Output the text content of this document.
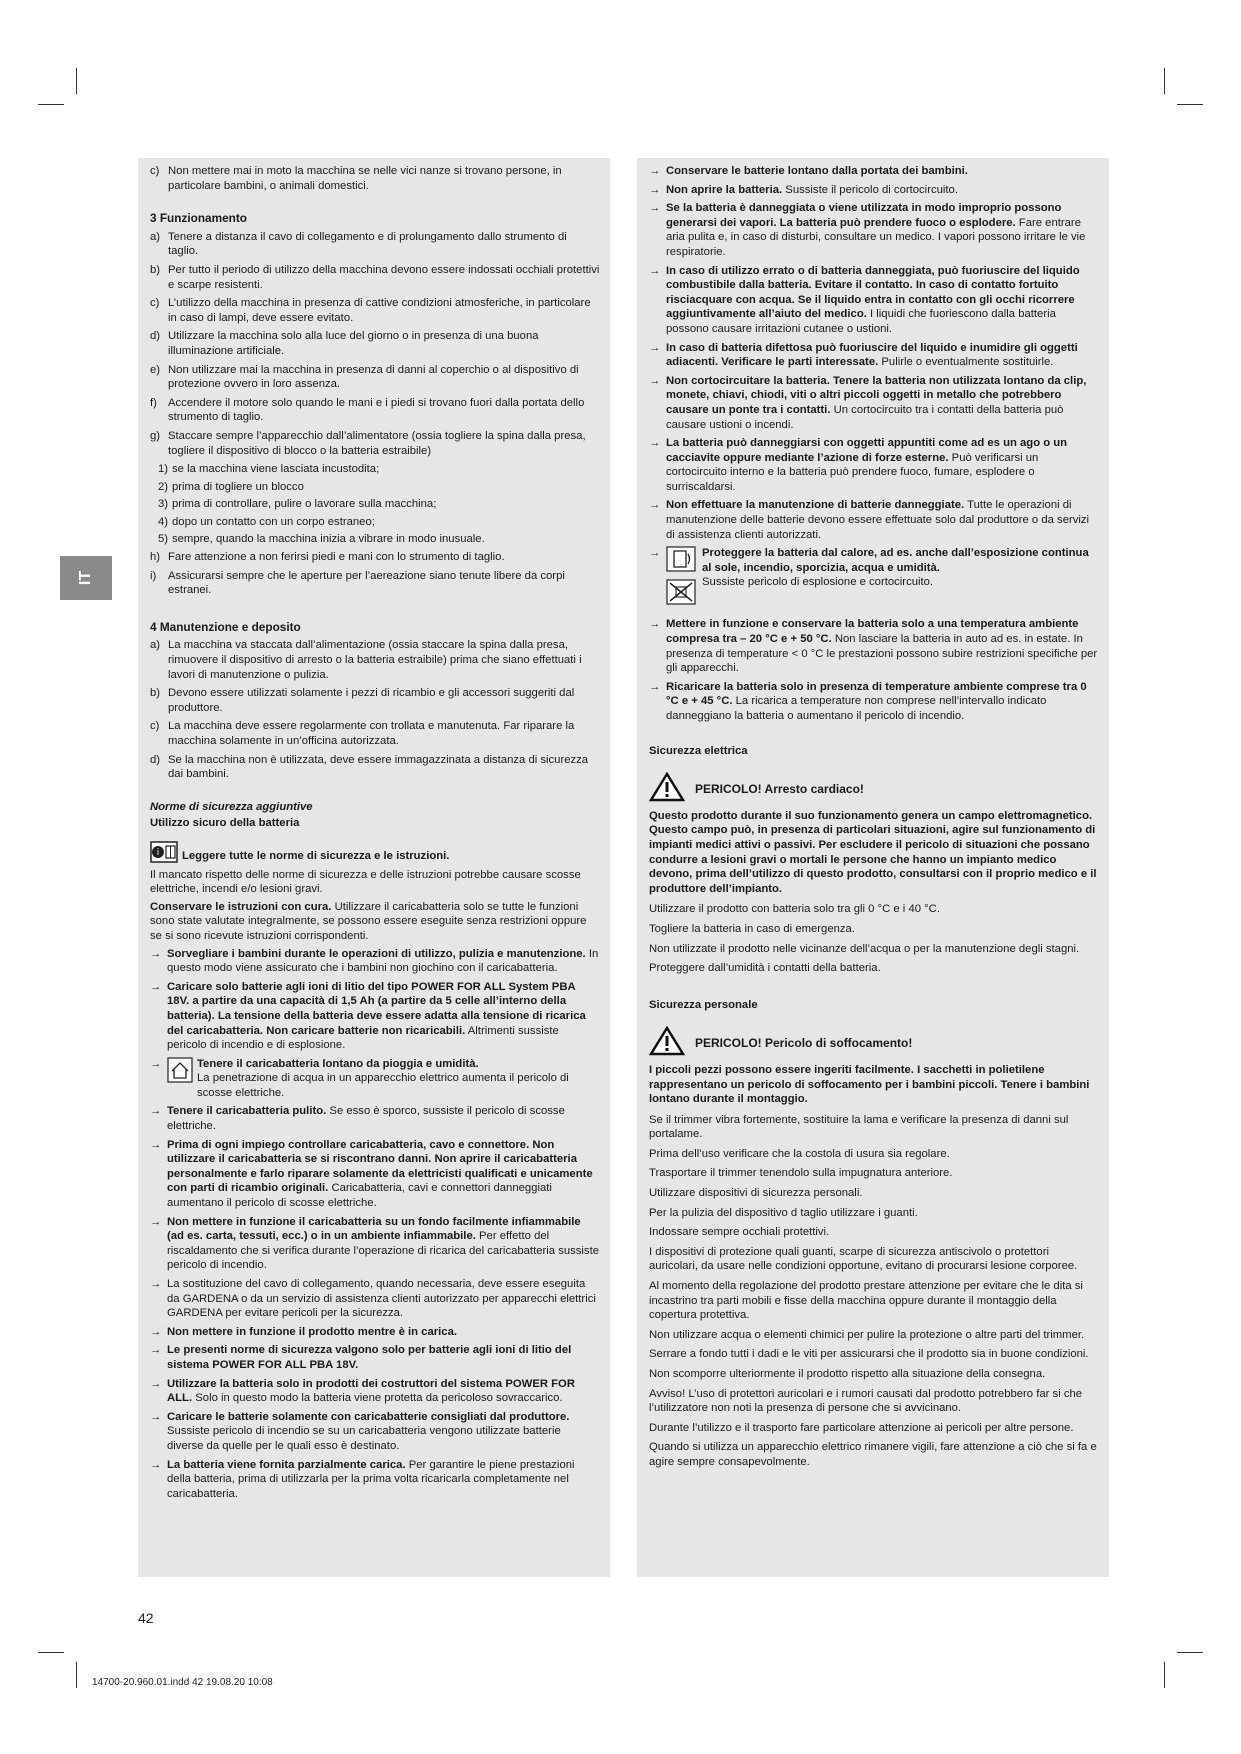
IT
c) Non mettere mai in moto la macchina se nelle vici nanze si trovano persone, in particolare bambini, o animali domestici.
3 Funzionamento
a) Tenere a distanza il cavo di collegamento e di prolungamento dallo strumento di taglio.
b) Per tutto il periodo di utilizzo della macchina devono essere indossati occhiali protettivi e scarpe resistenti.
c) L’utilizzo della macchina in presenza di cattive condizioni atmosferiche, in particolare in caso di lampi, deve essere evitato.
d) Utilizzare la macchina solo alla luce del giorno o in presenza di una buona illuminazione artificiale.
e) Non utilizzare mai la macchina in presenza di danni al coperchio o al dispositivo di protezione ovvero in loro assenza.
f) Accendere il motore solo quando le mani e i piedi si trovano fuori dalla portata dello strumento di taglio.
g) Staccare sempre l’apparecchio dall’alimentatore (ossia togliere la spina dalla presa, togliere il dispositivo di blocco o la batteria estraibile)
1) se la macchina viene lasciata incustodita;
2) prima di togliere un blocco
3) prima di controllare, pulire o lavorare sulla macchina;
4) dopo un contatto con un corpo estraneo;
5) sempre, quando la macchina inizia a vibrare in modo inusuale.
h) Fare attenzione a non ferirsi piedi e mani con lo strumento di taglio.
i)	Assicurarsi sempre che le aperture per l’aereazione siano tenute libere da corpi estranei.
4 Manutenzione e deposito
a) La macchina va staccata dall’alimentazione (ossia staccare la spina dalla presa, rimuovere il dispositivo di arresto o la batteria estraibile) prima che siano effettuati i lavori di manutenzione o pulizia.
b) Devono essere utilizzati solamente i pezzi di ricambio e gli accessori suggeriti dal produttore.
c) La macchina deve essere regolarmente con trollata e manutenuta. Far riparare la macchina solamente in un’officina autorizzata.
d) Se la macchina non è utilizzata, deve essere immagazzinata a distanza di sicurezza dai bambini.
Norme di sicurezza aggiuntive
Utilizzo sicuro della batteria
i Leggere tutte le norme di sicurezza e le istruzioni.
Il mancato rispetto delle norme di sicurezza e delle istruzioni potrebbe causare scosse elettriche, incendi e/o lesioni gravi.
Conservare le istruzioni con cura. Utilizzare il caricabatteria solo se tutte le funzioni sono state valutate integralmente, se possono essere eseguite senza restrizioni oppure se si sono ricevute istruzioni corrispondenti.
→ Sorvegliare i bambini durante le operazioni di utilizzo, pulizia e manutenzione. In questo modo viene assicurato che i bambini non giochino con il caricabatteria.
→ Caricare solo batterie agli ioni di litio del tipo POWER FOR ALL System PBA 18V. a partire da una capacità di 1,5 Ah (a partire da 5 celle all’interno della batteria). La tensione della batteria deve essere adatta alla tensione di ricarica del caricabatteria. Non caricare batterie non ricaricabili. Altrimenti sussiste pericolo di incendio e di esplosione.
→	Tenere il caricabatteria lontano da pioggia e umidità.
La penetrazione di acqua in un apparecchio elettrico aumenta il pericolo di scosse elettriche.
→ Tenere il caricabatteria pulito. Se esso è sporco, sussiste il pericolo di scosse elettriche.
→ Prima di ogni impiego controllare caricabatteria, cavo e connettore. Non utilizzare il caricabatteria se si riscontrano danni. Non aprire il caricabatteria personalmente e farlo riparare solamente da elettricisti qualificati e unicamente con parti di ricambio originali. Caricabatteria, cavi e connettori danneggiati aumentano il pericolo di scosse elettriche.
→ Non mettere in funzione il caricabatteria su un fondo facilmente infiammabile (ad es. carta, tessuti, ecc.) o in un ambiente infiammabile. Per effetto del riscaldamento che si verifica durante l’operazione di ricarica del caricabatteria sussiste pericolo di incendio.
→ La sostituzione del cavo di collegamento, quando necessaria, deve essere eseguita da GARDENA o da un servizio di assistenza clienti autorizzato per apparecchi elettrici GARDENA per evitare pericoli per la sicurezza.
→ Non mettere in funzione il prodotto mentre è in carica.
→ Le presenti norme di sicurezza valgono solo per batterie agli ioni di litio del sistema POWER FOR ALL PBA 18V.
→ Utilizzare la batteria solo in prodotti dei costruttori del sistema POWER FOR ALL. Solo in questo modo la batteria viene protetta da pericoloso sovraccarico.
→ Caricare le batterie solamente con caricabatterie consigliati dal produttore. Sussiste pericolo di incendio se su un caricabatteria vengono utilizzate batterie diverse da quelle per le quali esso è destinato.
→ La batteria viene fornita parzialmente carica. Per garantire le piene prestazioni della batteria, prima di utilizzarla per la prima volta ricaricarla completamente nel caricabatteria.
→ Conservare le batterie lontano dalla portata dei bambini.
→ Non aprire la batteria. Sussiste il pericolo di cortocircuito.
→ Se la batteria è danneggiata o viene utilizzata in modo improprio possono generarsi dei vapori. La batteria può prendere fuoco o esplodere. Fare entrare aria pulita e, in caso di disturbi, consultare un medico. I vapori possono irritare le vie respiratorie.
→ In caso di utilizzo errato o di batteria danneggiata, può fuoriuscire del liquido combustibile dalla batteria. Evitare il contatto. In caso di contatto fortuito risciacquare con acqua. Se il liquido entra in contatto con gli occhi ricorrere aggiuntivamente all’aiuto del medico. I liquidi che fuoriescono dalla batteria possono causare irritazioni cutanee o ustioni.
→ In caso di batteria difettosa può fuoriuscire del liquido e inumidire gli oggetti adiacenti. Verificare le parti interessate. Pulirle o eventualmente sostituirle.
→ Non cortocircuitare la batteria. Tenere la batteria non utilizzata lontano da clip, monete, chiavi, chiodi, viti o altri piccoli oggetti in metallo che potrebbero causare un ponte tra i contatti. Un cortocircuito tra i contatti della batteria può causare ustioni o incendi.
→ La batteria può danneggiarsi con oggetti appuntiti come ad es un ago o un cacciavite oppure mediante l’azione di forze esterne. Può verificarsi un cortocircuito interno e la batteria può prendere fuoco, fumare, esplodere o surriscaldarsi.
→ Non effettuare la manutenzione di batterie danneggiate. Tutte le operazioni di manutenzione delle batterie devono essere effettuate solo dal produttore o da servizi di assistenza clienti autorizzati.
→	Proteggere la batteria dal calore, ad es. anche dall’esposizione continua al sole, incendio, sporcizia, acqua e umidità.
Sussiste pericolo di esplosione e cortocircuito.
→ Mettere in funzione e conservare la batteria solo a una temperatura ambiente compresa tra – 20 °C e + 50 °C. Non lasciare la batteria in auto ad es. in estate. In presenza di temperature < 0 °C le prestazioni possono subire restrizioni specifiche per gli apparecchi.
→ Ricaricare la batteria solo in presenza di temperature ambiente comprese tra 0 °C e + 45 °C. La ricarica a temperature non comprese nell’intervallo indicato danneggiano la batteria o aumentano il pericolo di incendio.
Sicurezza elettrica
PERICOLO! Arresto cardiaco!
Questo prodotto durante il suo funzionamento genera un campo elettromagnetico. Questo campo può, in presenza di particolari situazioni, agire sul funzionamento di impianti medici attivi o passivi. Per escludere il pericolo di situazioni che possano condurre a lesioni gravi o mortali le persone che hanno un impianto medico devono, prima dell’utilizzo di questo prodotto, consultarsi con il proprio medico e il produttore dell’impianto.
Utilizzare il prodotto con batteria solo tra gli 0 °C e i 40 °C.
Togliere la batteria in caso di emergenza.
Non utilizzate il prodotto nelle vicinanze dell’acqua o per la manutenzione degli stagni.
Proteggere dall’umidità i contatti della batteria.
Sicurezza personale
PERICOLO! Pericolo di soffocamento!
I piccoli pezzi possono essere ingeriti facilmente. I sacchetti in polietilene rappresentano un pericolo di soffocamento per i bambini piccoli. Tenere i bambini lontano durante il montaggio.
Se il trimmer vibra fortemente, sostituire la lama e verificare la presenza di danni sul portalame.
Prima dell’uso verificare che la costola di usura sia regolare.
Trasportare il trimmer tenendolo sulla impugnatura anteriore.
Utilizzare dispositivi di sicurezza personali.
Per la pulizia del dispositivo d taglio utilizzare i guanti.
Indossare sempre occhiali protettivi.
I dispositivi di protezione quali guanti, scarpe di sicurezza antiscivolo o protettori auricolari, da usare nelle condizioni opportune, evitano di procurarsi lesione corporee.
Al momento della regolazione del prodotto prestare attenzione per evitare che le dita si incastrino tra parti mobili e fisse della macchina oppure durante il montaggio della copertura protettiva.
Non utilizzare acqua o elementi chimici per pulire la protezione o altre parti del trimmer.
Serrare a fondo tutti i dadi e le viti per assicurarsi che il prodotto sia in buone condizioni.
Non scomporre ulteriormente il prodotto rispetto alla situazione della consegna.
Avviso! L’uso di protettori auricolari e i rumori causati dal prodotto potrebbero far si che l’utilizzatore non noti la presenza di persone che si avvicinano.
Durante l’utilizzo e il trasporto fare particolare attenzione ai pericoli per altre persone.
Quando si utilizza un apparecchio elettrico rimanere vigili, fare attenzione a ciò che si fa e agire sempre consapevolmente.
42
14700-20.960.01.indd 42 19.08.20 10:08
